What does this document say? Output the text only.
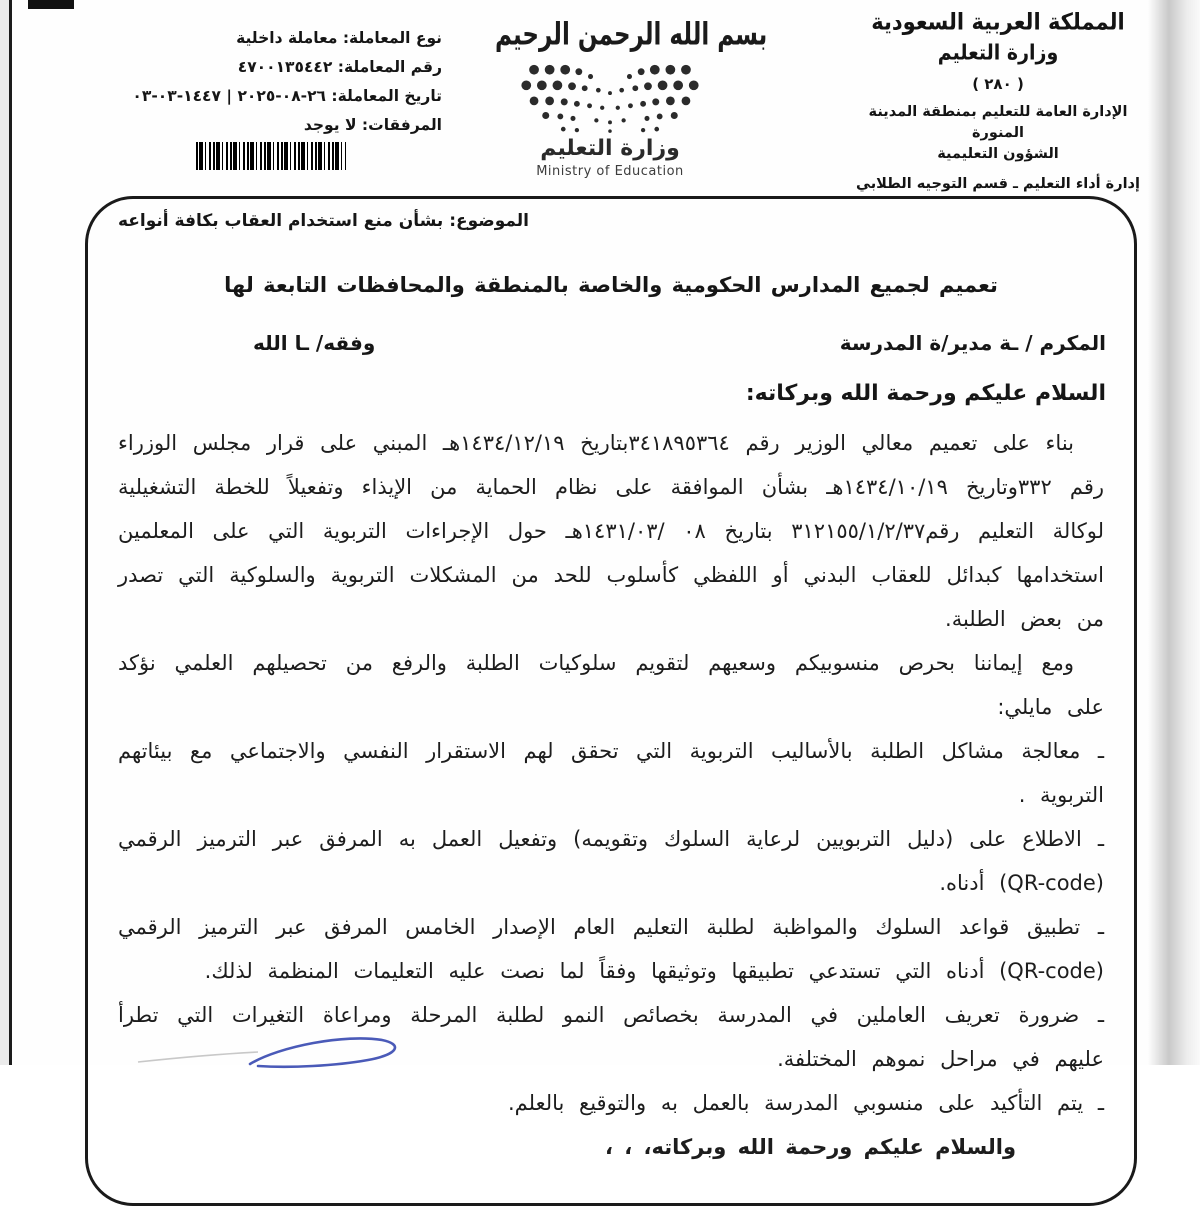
نوع المعاملة: معاملة داخلية
رقم المعاملة: ٤٧٠٠١٣٥٤٤٢
تاريخ المعاملة: ٢٦-٠٨-٢٠٢٥ | ١٤٤٧-٠٣-٠٣
المرفقات: لا يوجد
بسم الله الرحمن الرحيم
وزارة التعليم
Ministry of Education
المملكة العربية السعودية
وزارة التعليم
( ٢٨٠ )
الإدارة العامة للتعليم بمنطقة المدينة المنورة
الشؤون التعليمية
إدارة أداء التعليم ـ قسم التوجيه الطلابي
الموضوع: بشأن منع استخدام العقاب بكافة أنواعه
تعميم لجميع المدارس الحكومية والخاصة بالمنطقة والمحافظات التابعة لها
المكرم / ـة مدير/ة المدرسة
وفقه/ ـا الله
السلام عليكم ورحمة الله وبركاته:

بناء على تعميم معالي الوزير رقم ٣٤١٨٩٥٣٦٤بتاريخ ١٤٣٤/١٢/١٩هـ المبني على قرار مجلس الوزراء رقم ٣٣٢وتاريخ ١٤٣٤/١٠/١٩هـ بشأن الموافقة على نظام الحماية من الإيذاء وتفعيلاً للخطة التشغيلية لوكالة التعليم رقم٣١٢١٥٥/١/٢/٣٧ بتاريخ ٠٨ /١٤٣١/٠٣هـ حول الإجراءات التربوية التي على المعلمين استخدامها كبدائل للعقاب البدني أو اللفظي كأسلوب للحد من المشكلات التربوية والسلوكية التي تصدر من بعض الطلبة.

ومع إيماننا بحرص منسوبيكم وسعيهم لتقويم سلوكيات الطلبة والرفع من تحصيلهم العلمي نؤكد على مايلي:

ـ معالجة مشاكل الطلبة بالأساليب التربوية التي تحقق لهم الاستقرار النفسي والاجتماعي مع بيئاتهم التربوية .

ـ الاطلاع على (دليل التربويين لرعاية السلوك وتقويمه) وتفعيل العمل به المرفق عبر الترميز الرقمي ‎(QR-code)‎ أدناه.

ـ تطبيق قواعد السلوك والمواظبة لطلبة التعليم العام الإصدار الخامس المرفق عبر الترميز الرقمي ‎(QR-code)‎ أدناه التي تستدعي تطبيقها وتوثيقها وفقاً لما نصت عليه التعليمات المنظمة لذلك.

ـ ضرورة تعريف العاملين في المدرسة بخصائص النمو لطلبة المرحلة ومراعاة التغيرات التي تطرأ عليهم في مراحل نموهم المختلفة.

ـ يتم التأكيد على منسوبي المدرسة بالعمل به والتوقيع بالعلم.

والسلام عليكم ورحمة الله وبركاته، ، ،
